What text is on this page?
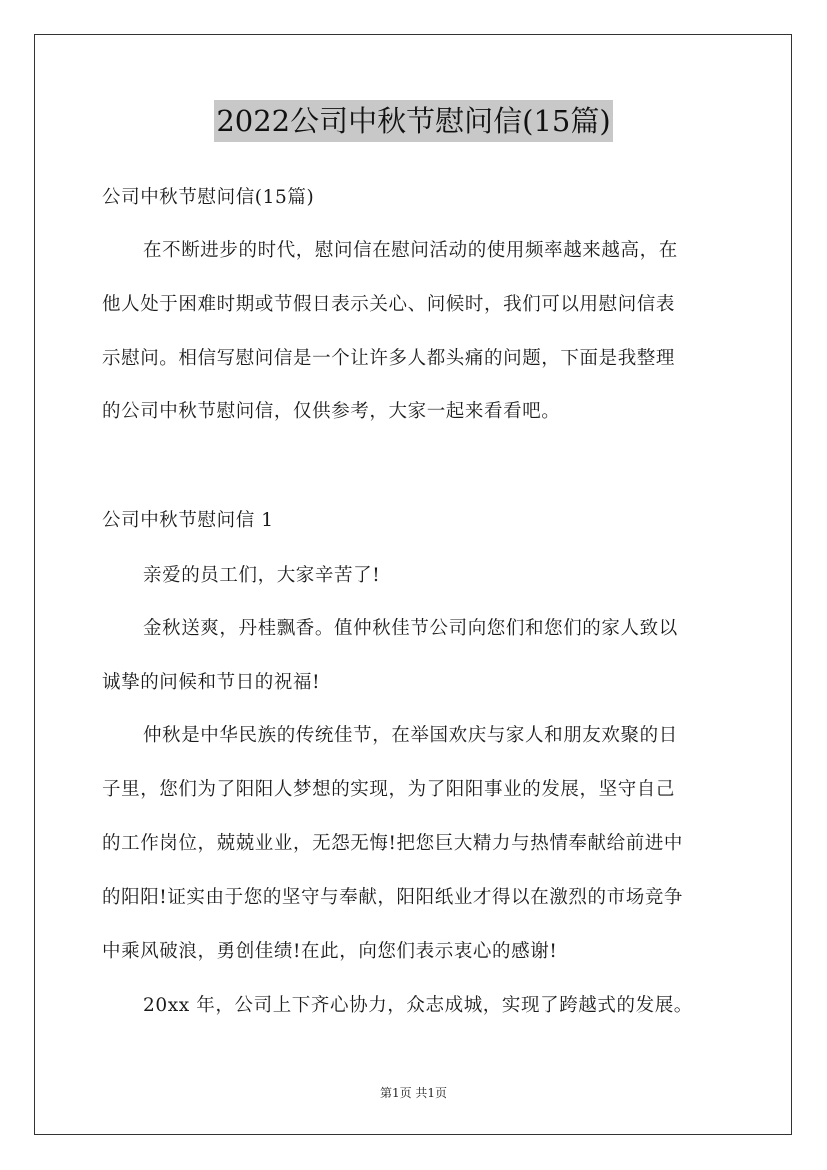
2022公司中秋节慰问信(15篇)
公司中秋节慰问信(15篇)
在不断进步的时代，慰问信在慰问活动的使用频率越来越高，在
他人处于困难时期或节假日表示关心、问候时，我们可以用慰问信表
示慰问。相信写慰问信是一个让许多人都头痛的问题，下面是我整理
的公司中秋节慰问信，仅供参考，大家一起来看看吧。
公司中秋节慰问信 1
亲爱的员工们，大家辛苦了!
金秋送爽，丹桂飘香。值仲秋佳节公司向您们和您们的家人致以
诚挚的问候和节日的祝福!
仲秋是中华民族的传统佳节，在举国欢庆与家人和朋友欢聚的日
子里，您们为了阳阳人梦想的实现，为了阳阳事业的发展，坚守自己
的工作岗位，兢兢业业，无怨无悔!把您巨大精力与热情奉献给前进中
的阳阳!证实由于您的坚守与奉献，阳阳纸业才得以在激烈的市场竞争
中乘风破浪，勇创佳绩!在此，向您们表示衷心的感谢!
20xx 年，公司上下齐心协力，众志成城，实现了跨越式的发展。
第1页 共1页
